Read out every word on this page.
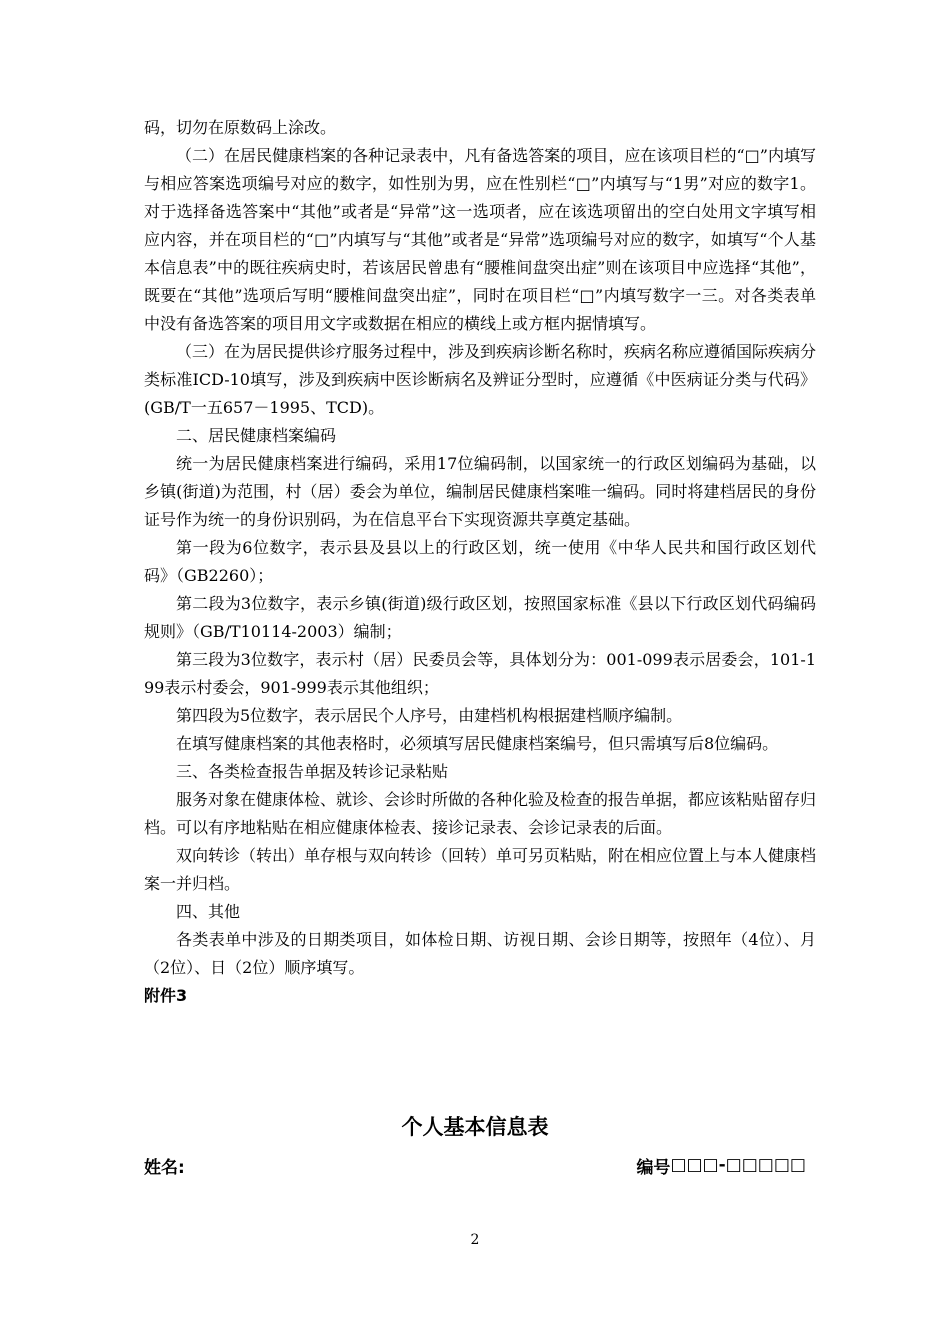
码，切勿在原数码上涂改。

（二）在居民健康档案的各种记录表中，凡有备选答案的项目，应在该项目栏的“□”内填写与相应答案选项编号对应的数字，如性别为男，应在性别栏“□”内填写与“1男”对应的数字1。对于选择备选答案中“其他”或者是“异常”这一选项者，应在该选项留出的空白处用文字填写相应内容，并在项目栏的“□”内填写与“其他”或者是“异常”选项编号对应的数字，如填写“个人基本信息表”中的既往疾病史时，若该居民曾患有“腰椎间盘突出症”则在该项目中应选择“其他”，既要在“其他”选项后写明“腰椎间盘突出症”，同时在项目栏“□”内填写数字一三。对各类表单中没有备选答案的项目用文字或数据在相应的横线上或方框内据情填写。

（三）在为居民提供诊疗服务过程中，涉及到疾病诊断名称时，疾病名称应遵循国际疾病分类标准ICD-10填写，涉及到疾病中医诊断病名及辨证分型时，应遵循《中医病证分类与代码》(GB/T一五657－1995、TCD)。

二、居民健康档案编码

统一为居民健康档案进行编码，采用17位编码制，以国家统一的行政区划编码为基础，以乡镇(街道)为范围，村（居）委会为单位，编制居民健康档案唯一编码。同时将建档居民的身份证号作为统一的身份识别码，为在信息平台下实现资源共享奠定基础。

第一段为6位数字，表示县及县以上的行政区划，统一使用《中华人民共和国行政区划代码》（GB2260）；

第二段为3位数字，表示乡镇(街道)级行政区划，按照国家标准《县以下行政区划代码编码规则》（GB/T10114-2003）编制；

第三段为3位数字，表示村（居）民委员会等，具体划分为：001-099表示居委会，101-199表示村委会，901-999表示其他组织；

第四段为5位数字，表示居民个人序号，由建档机构根据建档顺序编制。

在填写健康档案的其他表格时，必须填写居民健康档案编号，但只需填写后8位编码。

三、各类检查报告单据及转诊记录粘贴

服务对象在健康体检、就诊、会诊时所做的各种化验及检查的报告单据，都应该粘贴留存归档。可以有序地粘贴在相应健康体检表、接诊记录表、会诊记录表的后面。

双向转诊（转出）单存根与双向转诊（回转）单可另页粘贴，附在相应位置上与本人健康档案一并归档。

四、其他

各类表单中涉及的日期类项目，如体检日期、访视日期、会诊日期等，按照年（4位）、月（2位）、日（2位）顺序填写。

附件3

个人基本信息表
姓名:	编号 □□□-□□□□□
2
